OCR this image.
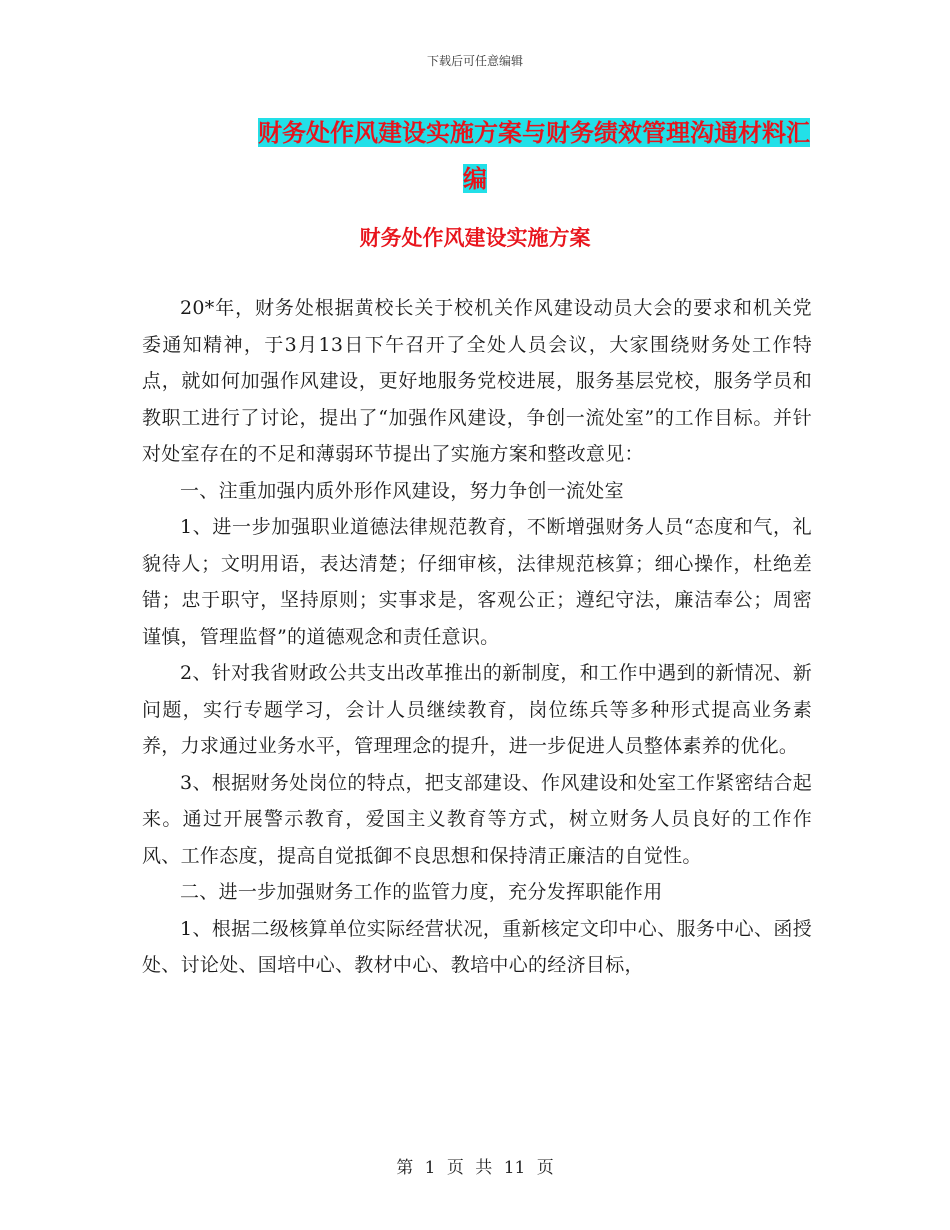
下载后可任意编辑
财务处作风建设实施方案与财务绩效管理沟通材料汇
编
财务处作风建设实施方案

20*年，财务处根据黄校长关于校机关作风建设动员大会的要求和机关党委通知精神，于3月13日下午召开了全处人员会议，大家围绕财务处工作特点，就如何加强作风建设，更好地服务党校进展，服务基层党校，服务学员和教职工进行了讨论，提出了“加强作风建设，争创一流处室”的工作目标。并针对处室存在的不足和薄弱环节提出了实施方案和整改意见：

一、注重加强内质外形作风建设，努力争创一流处室

1、进一步加强职业道德法律规范教育，不断增强财务人员“态度和气，礼貌待人；文明用语，表达清楚；仔细审核，法律规范核算；细心操作，杜绝差错；忠于职守，坚持原则；实事求是，客观公正；遵纪守法，廉洁奉公；周密谨慎，管理监督”的道德观念和责任意识。

2、针对我省财政公共支出改革推出的新制度，和工作中遇到的新情况、新问题，实行专题学习，会计人员继续教育，岗位练兵等多种形式提高业务素养，力求通过业务水平，管理理念的提升，进一步促进人员整体素养的优化。

3、根据财务处岗位的特点，把支部建设、作风建设和处室工作紧密结合起来。通过开展警示教育，爱国主义教育等方式，树立财务人员良好的工作作风、工作态度，提高自觉抵御不良思想和保持清正廉洁的自觉性。

二、进一步加强财务工作的监管力度，充分发挥职能作用

1、根据二级核算单位实际经营状况，重新核定文印中心、服务中心、函授处、讨论处、国培中心、教材中心、教培中心的经济目标，

第 1 页 共 11 页
